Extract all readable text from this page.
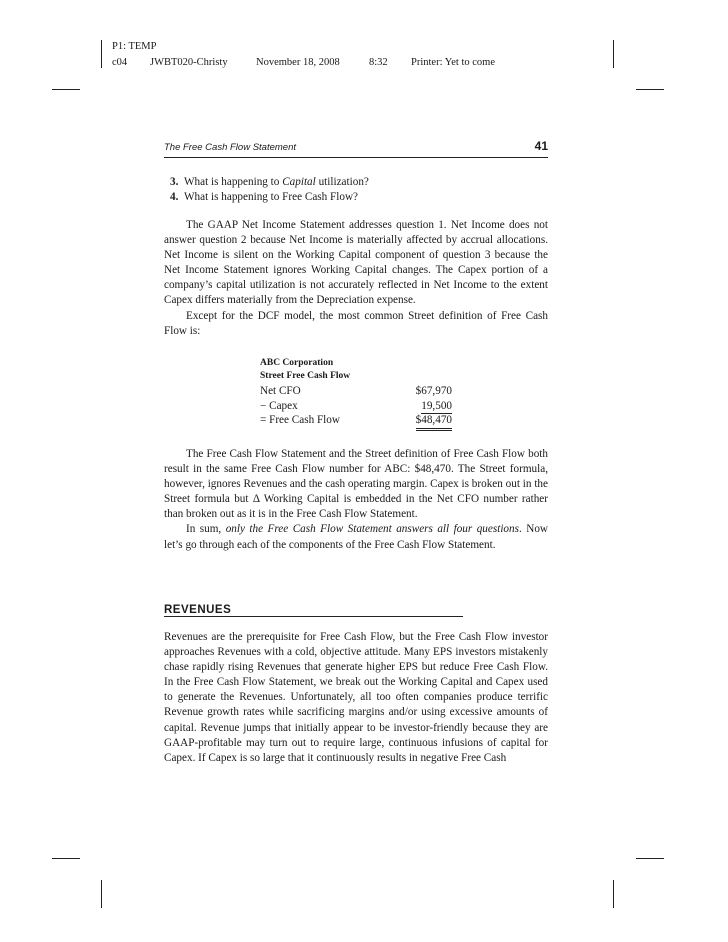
P1: TEMP
c04 JWBT020-Christy	November 18, 2008	8:32 Printer: Yet to come
The Free Cash Flow Statement	41
3. What is happening to Capital utilization?
4. What is happening to Free Cash Flow?

The GAAP Net Income Statement addresses question 1. Net Income does not answer question 2 because Net Income is materially affected by accrual allocations. Net Income is silent on the Working Capital component of question 3 because the Net Income Statement ignores Working Capital changes. The Capex portion of a company’s capital utilization is not accurately reflected in Net Income to the extent Capex differs materially from the Depreciation expense.

Except for the DCF model, the most common Street definition of Free Cash Flow is:

ABC Corporation
Street Free Cash Flow
Net CFO	$67,970
− Capex	19,500
= Free Cash Flow	$48,470

The Free Cash Flow Statement and the Street definition of Free Cash Flow both result in the same Free Cash Flow number for ABC: $48,470. The Street formula, however, ignores Revenues and the cash operating margin. Capex is broken out in the Street formula but Δ Working Capital is embedded in the Net CFO number rather than broken out as it is in the Free Cash Flow Statement.

In sum, only the Free Cash Flow Statement answers all four questions. Now let’s go through each of the components of the Free Cash Flow Statement.

REVENUES

Revenues are the prerequisite for Free Cash Flow, but the Free Cash Flow investor approaches Revenues with a cold, objective attitude. Many EPS investors mistakenly chase rapidly rising Revenues that generate higher EPS but reduce Free Cash Flow. In the Free Cash Flow Statement, we break out the Working Capital and Capex used to generate the Revenues. Unfortunately, all too often companies produce terrific Revenue growth rates while sacrificing margins and/or using excessive amounts of capital. Revenue jumps that initially appear to be investor-friendly because they are GAAP-profitable may turn out to require large, continuous infusions of capital for Capex. If Capex is so large that it continuously results in negative Free Cash
